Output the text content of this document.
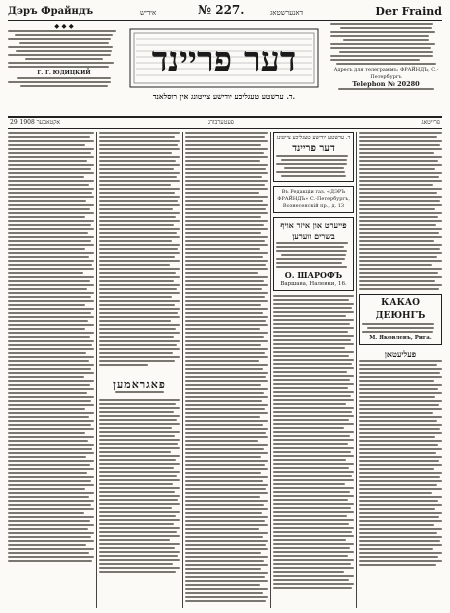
Дэръ Фрайндъ	אידיש	№ 227.	דאנערשטאג	Der Fraind
◆ ◆ ◆
Г. Г. ЮДИЦКИЙ	דער פריינד
ד. ערשטע טעגליכע יודישע צייטונג אין רוסלאנד.
Адресъ для телеграммъ: ФРАЙНДЪ, С.-Петербургъ
Telephon № 20280
29 אקטאבער 1908	פעטערבורג	פרייטאג
פאגראמען
ד. ערשטע יודישע טעגליכע צייטונג
דער פריינד
Въ Редакціи газ. «ДЭРЪ ФРАЙНДЪ» С.-Петербургъ, Вознесенскій пр., д. 13
פייערט און איזר אויף בשרים ווערען
О. ШАРОФЪ
Варшава, Налевки, 16.
КАКАО ДЕЮНГЪ
М. Яковлевъ, Рига.
פעליעטאן
